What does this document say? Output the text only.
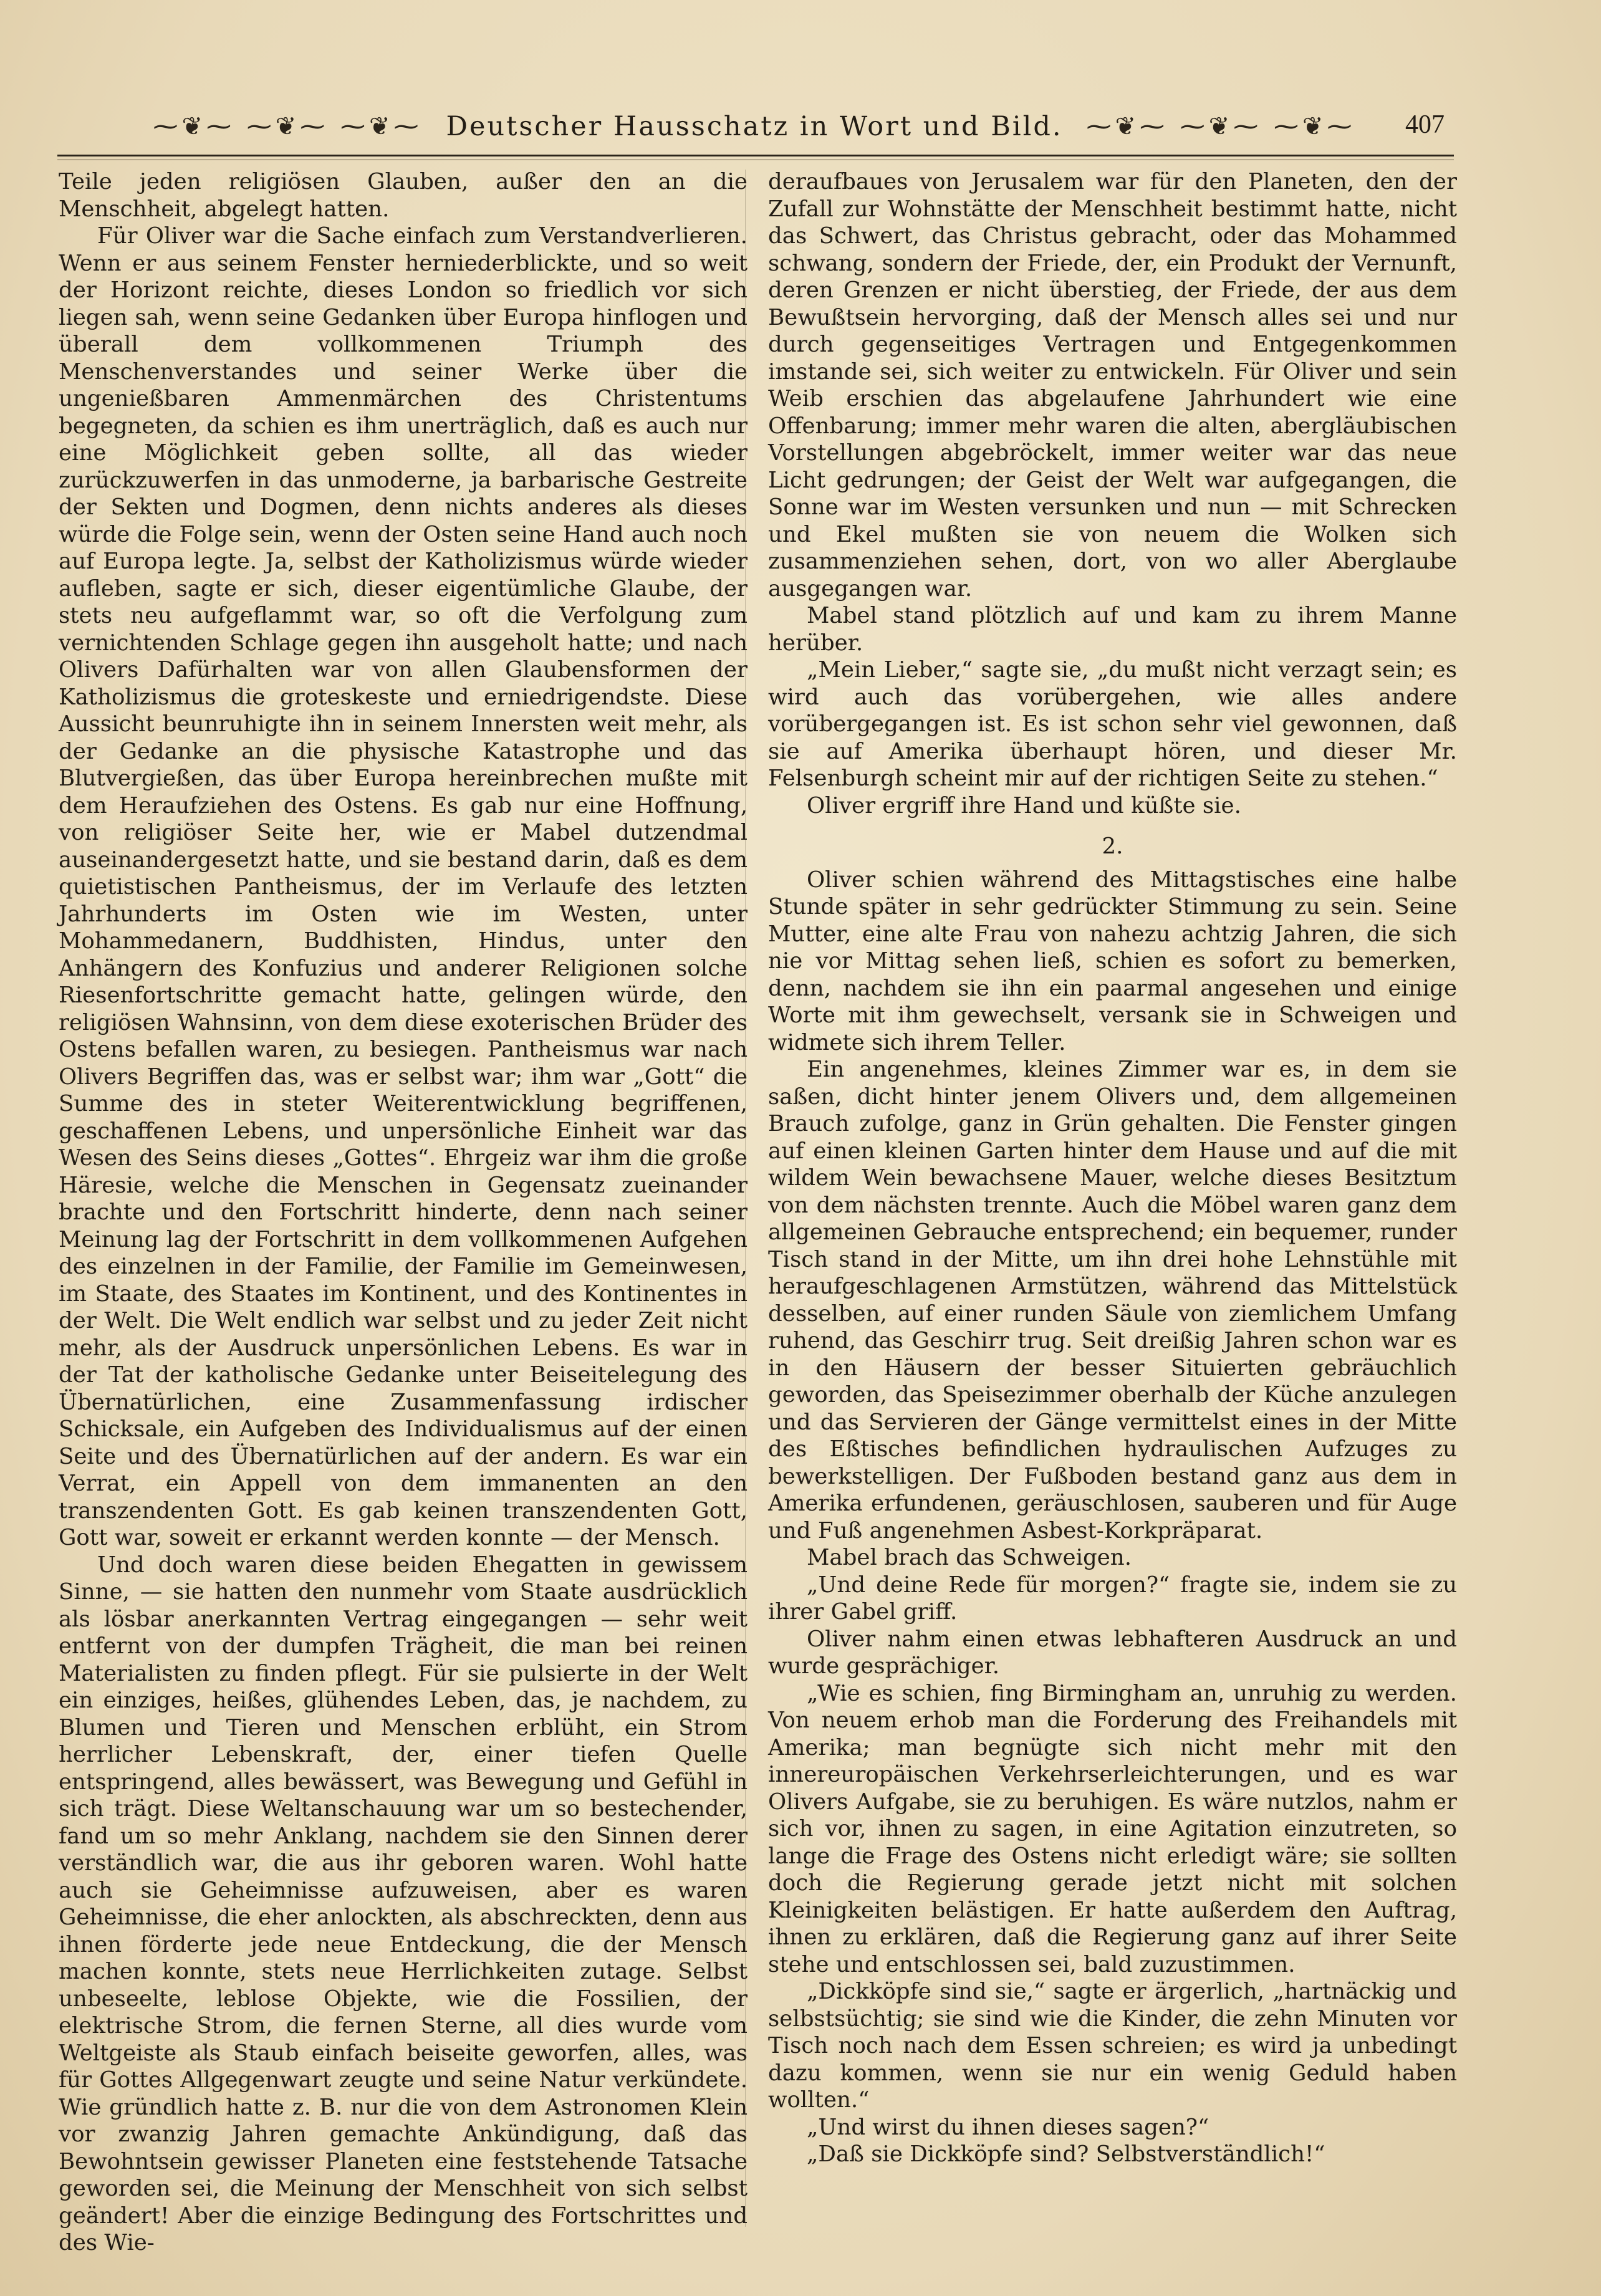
⁓❦⁓ ⁓❦⁓ ⁓❦⁓ Deutscher Hausschatz in Wort und Bild. ⁓❦⁓ ⁓❦⁓ ⁓❦⁓ 407

Teile jeden religiösen Glauben, außer den an die Menschheit, abgelegt hatten.

Für Oliver war die Sache einfach zum Verstandverlieren. Wenn er aus seinem Fenster herniederblickte, und so weit der Horizont reichte, dieses London so friedlich vor sich liegen sah, wenn seine Gedanken über Europa hinflogen und überall dem vollkommenen Triumph des Menschenverstandes und seiner Werke über die ungenießbaren Ammenmärchen des Christentums begegneten, da schien es ihm unerträglich, daß es auch nur eine Möglichkeit geben sollte, all das wieder zurückzuwerfen in das unmoderne, ja barbarische Gestreite der Sekten und Dogmen, denn nichts anderes als dieses würde die Folge sein, wenn der Osten seine Hand auch noch auf Europa legte. Ja, selbst der Katholizismus würde wieder aufleben, sagte er sich, dieser eigentümliche Glaube, der stets neu aufgeflammt war, so oft die Verfolgung zum vernichtenden Schlage gegen ihn ausgeholt hatte; und nach Olivers Dafürhalten war von allen Glaubensformen der Katholizismus die groteskeste und erniedrigendste. Diese Aussicht beunruhigte ihn in seinem Innersten weit mehr, als der Gedanke an die physische Katastrophe und das Blutvergießen, das über Europa hereinbrechen mußte mit dem Heraufziehen des Ostens. Es gab nur eine Hoffnung, von religiöser Seite her, wie er Mabel dutzendmal auseinandergesetzt hatte, und sie bestand darin, daß es dem quietistischen Pantheismus, der im Verlaufe des letzten Jahrhunderts im Osten wie im Westen, unter Mohammedanern, Buddhisten, Hindus, unter den Anhängern des Konfuzius und anderer Religionen solche Riesenfortschritte gemacht hatte, gelingen würde, den religiösen Wahnsinn, von dem diese exoterischen Brüder des Ostens befallen waren, zu besiegen. Pantheismus war nach Olivers Begriffen das, was er selbst war; ihm war „Gott“ die Summe des in steter Weiterentwicklung begriffenen, geschaffenen Lebens, und unpersönliche Einheit war das Wesen des Seins dieses „Gottes“. Ehrgeiz war ihm die große Häresie, welche die Menschen in Gegensatz zueinander brachte und den Fortschritt hinderte, denn nach seiner Meinung lag der Fortschritt in dem vollkommenen Aufgehen des einzelnen in der Familie, der Familie im Gemeinwesen, im Staate, des Staates im Kontinent, und des Kontinentes in der Welt. Die Welt endlich war selbst und zu jeder Zeit nicht mehr, als der Ausdruck unpersönlichen Lebens. Es war in der Tat der katholische Gedanke unter Beiseitelegung des Übernatürlichen, eine Zusammenfassung irdischer Schicksale, ein Aufgeben des Individualismus auf der einen Seite und des Übernatürlichen auf der andern. Es war ein Verrat, ein Appell von dem immanenten an den transzendenten Gott. Es gab keinen transzendenten Gott, Gott war, soweit er erkannt werden konnte — der Mensch.

Und doch waren diese beiden Ehegatten in gewissem Sinne, — sie hatten den nunmehr vom Staate ausdrücklich als lösbar anerkannten Vertrag eingegangen — sehr weit entfernt von der dumpfen Trägheit, die man bei reinen Materialisten zu finden pflegt. Für sie pulsierte in der Welt ein einziges, heißes, glühendes Leben, das, je nachdem, zu Blumen und Tieren und Menschen erblüht, ein Strom herrlicher Lebenskraft, der, einer tiefen Quelle entspringend, alles bewässert, was Bewegung und Gefühl in sich trägt. Diese Weltanschauung war um so bestechender, fand um so mehr Anklang, nachdem sie den Sinnen derer verständlich war, die aus ihr geboren waren. Wohl hatte auch sie Geheimnisse aufzuweisen, aber es waren Geheimnisse, die eher anlockten, als abschreckten, denn aus ihnen förderte jede neue Entdeckung, die der Mensch machen konnte, stets neue Herrlichkeiten zutage. Selbst unbeseelte, leblose Objekte, wie die Fossilien, der elektrische Strom, die fernen Sterne, all dies wurde vom Weltgeiste als Staub einfach beiseite geworfen, alles, was für Gottes Allgegenwart zeugte und seine Natur verkündete. Wie gründlich hatte z. B. nur die von dem Astronomen Klein vor zwanzig Jahren gemachte Ankündigung, daß das Bewohntsein gewisser Planeten eine feststehende Tatsache geworden sei, die Meinung der Menschheit von sich selbst geändert! Aber die einzige Bedingung des Fortschrittes und des Wie-

deraufbaues von Jerusalem war für den Planeten, den der Zufall zur Wohnstätte der Menschheit bestimmt hatte, nicht das Schwert, das Christus gebracht, oder das Mohammed schwang, sondern der Friede, der, ein Produkt der Vernunft, deren Grenzen er nicht überstieg, der Friede, der aus dem Bewußtsein hervorging, daß der Mensch alles sei und nur durch gegenseitiges Vertragen und Entgegenkommen imstande sei, sich weiter zu entwickeln. Für Oliver und sein Weib erschien das abgelaufene Jahrhundert wie eine Offenbarung; immer mehr waren die alten, abergläubischen Vorstellungen abgebröckelt, immer weiter war das neue Licht gedrungen; der Geist der Welt war aufgegangen, die Sonne war im Westen versunken und nun — mit Schrecken und Ekel mußten sie von neuem die Wolken sich zusammenziehen sehen, dort, von wo aller Aberglaube ausgegangen war.

Mabel stand plötzlich auf und kam zu ihrem Manne herüber.

„Mein Lieber,“ sagte sie, „du mußt nicht verzagt sein; es wird auch das vorübergehen, wie alles andere vorübergegangen ist. Es ist schon sehr viel gewonnen, daß sie auf Amerika überhaupt hören, und dieser Mr. Felsenburgh scheint mir auf der richtigen Seite zu stehen.“

Oliver ergriff ihre Hand und küßte sie.

2.

Oliver schien während des Mittagstisches eine halbe Stunde später in sehr gedrückter Stimmung zu sein. Seine Mutter, eine alte Frau von nahezu achtzig Jahren, die sich nie vor Mittag sehen ließ, schien es sofort zu bemerken, denn, nachdem sie ihn ein paarmal angesehen und einige Worte mit ihm gewechselt, versank sie in Schweigen und widmete sich ihrem Teller.

Ein angenehmes, kleines Zimmer war es, in dem sie saßen, dicht hinter jenem Olivers und, dem allgemeinen Brauch zufolge, ganz in Grün gehalten. Die Fenster gingen auf einen kleinen Garten hinter dem Hause und auf die mit wildem Wein bewachsene Mauer, welche dieses Besitztum von dem nächsten trennte. Auch die Möbel waren ganz dem allgemeinen Gebrauche entsprechend; ein bequemer, runder Tisch stand in der Mitte, um ihn drei hohe Lehnstühle mit heraufgeschlagenen Armstützen, während das Mittelstück desselben, auf einer runden Säule von ziemlichem Umfang ruhend, das Geschirr trug. Seit dreißig Jahren schon war es in den Häusern der besser Situierten gebräuchlich geworden, das Speisezimmer oberhalb der Küche anzulegen und das Servieren der Gänge vermittelst eines in der Mitte des Eßtisches befindlichen hydraulischen Aufzuges zu bewerkstelligen. Der Fußboden bestand ganz aus dem in Amerika erfundenen, geräuschlosen, sauberen und für Auge und Fuß angenehmen Asbest-Korkpräparat.

Mabel brach das Schweigen.

„Und deine Rede für morgen?“ fragte sie, indem sie zu ihrer Gabel griff.

Oliver nahm einen etwas lebhafteren Ausdruck an und wurde gesprächiger.

„Wie es schien, fing Birmingham an, unruhig zu werden. Von neuem erhob man die Forderung des Freihandels mit Amerika; man begnügte sich nicht mehr mit den innereuropäischen Verkehrserleichterungen, und es war Olivers Aufgabe, sie zu beruhigen. Es wäre nutzlos, nahm er sich vor, ihnen zu sagen, in eine Agitation einzutreten, so lange die Frage des Ostens nicht erledigt wäre; sie sollten doch die Regierung gerade jetzt nicht mit solchen Kleinigkeiten belästigen. Er hatte außerdem den Auftrag, ihnen zu erklären, daß die Regierung ganz auf ihrer Seite stehe und entschlossen sei, bald zuzustimmen.

„Dickköpfe sind sie,“ sagte er ärgerlich, „hartnäckig und selbstsüchtig; sie sind wie die Kinder, die zehn Minuten vor Tisch noch nach dem Essen schreien; es wird ja unbedingt dazu kommen, wenn sie nur ein wenig Geduld haben wollten.“

„Und wirst du ihnen dieses sagen?“

„Daß sie Dickköpfe sind? Selbstverständlich!“
